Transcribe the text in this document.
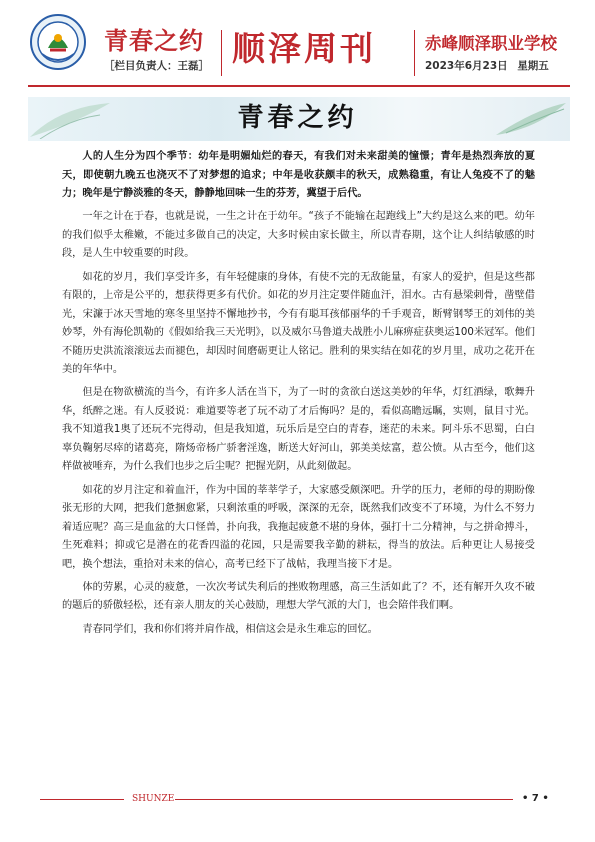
青春之约
［栏目负责人：王磊］ 顺泽周刊	赤峰顺泽职业学校
2023年6月23日 星期五
青春之约

人的人生分为四个季节：幼年是明媚灿烂的春天，有我们对未来甜美的憧憬；青年是热烈奔放的夏天，即使朝九晚五也浇灭不了对梦想的追求；中年是收获颇丰的秋天，成熟稳重，有让人兔疫不了的魅力；晚年是宁静淡雅的冬天，静静地回味一生的芬芳，冀望于后代。

一年之计在于春，也就是说，一生之计在于幼年。“孩子不能输在起跑线上”大约是这么来的吧。幼年的我们似乎太稚嫩，不能过多做自己的决定，大多时候由家长做主，所以青春期，这个让人纠结敏感的时段，是人生中较重要的时段。

如花的岁月，我们享受许多，有年轻健康的身体，有使不完的无敌能量，有家人的爱护，但是这些都有限的，上帝是公平的，想获得更多有代价。如花的岁月注定要伴随血汗，泪水。古有悬梁刺骨，凿壁借光，宋濂于冰天雪地的寒冬里坚持不懈地抄书，今有有聪耳孩郁丽华的千手观音，断臂钢琴王的刘伟的美妙琴，外有海伦凯勒的《假如给我三天光明》，以及威尔马鲁道夫战胜小儿麻痹症获奥运100米冠军。他们不随历史洪流滚滚远去而褪色，却因时间磨砺更让人铭记。胜利的果实结在如花的岁月里，成功之花开在美的年华中。

但是在物欲横流的当今，有许多人活在当下，为了一时的贪欲白送这美妙的年华，灯红酒绿，歌舞升华，纸醉之迷。有人反驳说：难道要等老了玩不动了才后悔吗？是的，看似高瞻远瞩，实则，鼠目寸光。我不知道我1奥了还玩不完得动，但是我知道，玩乐后是空白的青春，迷茫的未来。阿斗乐不思蜀，白白辜负鞠躬尽瘁的诸葛亮，隋炀帝杨广骄奢淫逸，断送大好河山，郭美美炫富，惹公愤。从古至今，他们这样做被唾弃，为什么我们也步之后尘呢？把握光阴，从此刻做起。

如花的岁月注定和着血汗，作为中国的莘莘学子，大家感受颇深吧。升学的压力，老师的母的期盼像张无形的大网，把我们惫捆愈紧，只剩浓重的呼吸，深深的无奈，既然我们改变不了环境，为什么不努力着适应呢？高三是血盆的大口怪兽，扑向我，我拖起疲惫不堪的身体，强打十二分精神，与之拼命搏斗，生死难料；抑或它是潜在的花香四溢的花园，只是需要我辛勤的耕耘，得当的放法。后种更让人易接受吧，换个想法，重拾对未来的信心，高考已经下了战帖，我理当接下才是。

体的劳累，心灵的疲惫，一次次考试失利后的挫败物理感，高三生活如此了？不，还有解开久攻不破的题后的骄傲轻松，还有亲人朋友的关心鼓励，理想大学气派的大门，也会陪伴我们啊。

青春同学们，我和你们将并肩作战，相信这会是永生难忘的回忆。

SHUNZE	• 7 •
